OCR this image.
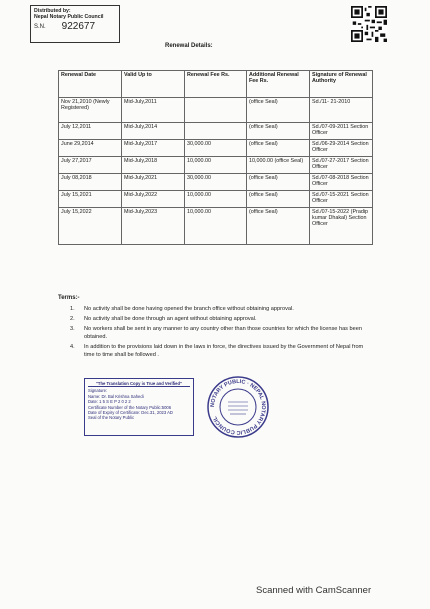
Distributed by:
Nepal Notary Public Council
S.N. 922677
Renewal Details:
Renewal Date	Valid Up to	Renewal Fee Rs.	Additional Renewal Fee Rs.	Signature of Renewal Authority
Nov 21,2010 (Newly Registered)	Mid-July,2011		(office Seal)	Sd./11- 21-2010
July 12,2011	Mid-July,2014		(office Seal)	Sd./07-09-2011 Section Officer
June 29,2014	Mid-July,2017	30,000.00	(office Seal)	Sd./06-29-2014 Section Officer
July 27,2017	Mid-July,2018	10,000.00	10,000.00 (office Seal)	Sd./07-27-2017 Section Officer
July 08,2018	Mid-July,2021	30,000.00	(office Seal)	Sd./07-08-2018 Section Officer
July 15,2021	Mid-July,2022	10,000.00	(office Seal)	Sd./07-15-2021 Section Officer
July 15,2022	Mid-July,2023	10,000.00	(office Seal)	Sd./07-15-2022 (Pradip kumar Dhakal) Section Officer
Terms:-
1.	No activity shall be done having opened the branch office without obtaining approval.
2.	No activity shall be done through an agent without obtaining approval.
3.	No workers shall be sent in any manner to any country other than those countries for which the license has been obtained.
4.	In addition to the provisions laid down in the laws in force, the directives issued by the Government of Nepal from time to time shall be followed .
"The Translation Copy is True and Verified"
Signature:
Name: Dr. Bal Krishna Sahedi
Date: 1 5 S E P 2 0 2 2
Certificate Number of the Notary Public:5006
Date of Expiry of Certificate: Dec.31, 2023 AD
Seal of the Notary Public
NOTARY PUBLIC · NEPAL NOTARY PUBLIC COUNCIL
Scanned with CamScanner
